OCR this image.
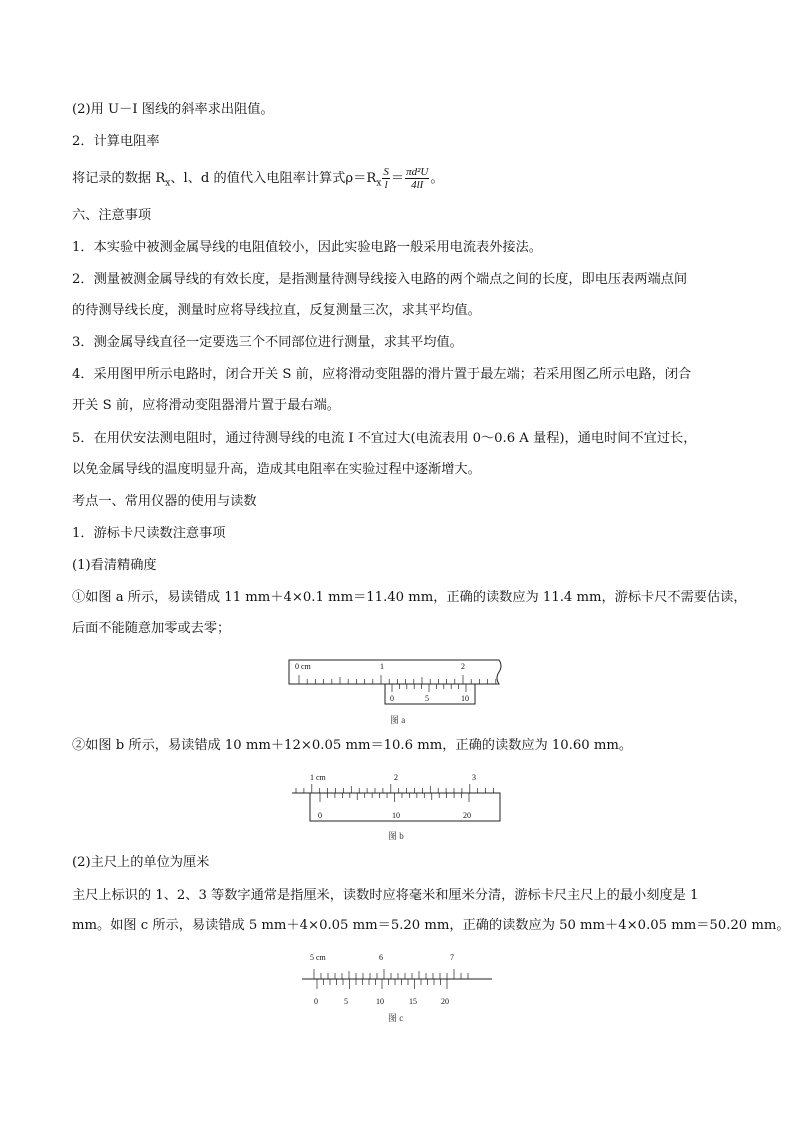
(2)用 U－I 图线的斜率求出阻值。
2．计算电阻率
将记录的数据 $R_x$、l、d 的值代入电阻率计算式$\rho=R_x \frac{S}{l} = \frac{\text{πd²U}}{4lI}$ 。
六、注意事项
1．本实验中被测金属导线的电阻值较小，因此实验电路一般采用电流表外接法。
2．测量被测金属导线的有效长度，是指测量待测导线接入电路的两个端点之间的长度，即电压表两端点间
的待测导线长度，测量时应将导线拉直，反复测量三次，求其平均值。
3．测金属导线直径一定要选三个不同部位进行测量，求其平均值。
4．采用图甲所示电路时，闭合开关 S 前，应将滑动变阻器的滑片置于最左端；若采用图乙所示电路，闭合
开关 S 前，应将滑动变阻器滑片置于最右端。
5．在用伏安法测电阻时，通过待测导线的电流 I 不宜过大(电流表用 0～0.6 A 量程)，通电时间不宜过长，
以免金属导线的温度明显升高，造成其电阻率在实验过程中逐渐增大。
考点一、常用仪器的使用与读数
1．游标卡尺读数注意事项
(1)看清精确度
①如图 a 所示，易读错成 11 mm＋4×0.1 mm＝11.40 mm，正确的读数应为 11.4 mm，游标卡尺不需要估读，
后面不能随意加零或去零；
0 cm	1	2
0	5	10
图 a
②如图 b 所示，易读错成 10 mm＋12×0.05 mm＝10.6 mm，正确的读数应为 10.60 mm。
1 cm	2	3
0	10	20
图 b
(2)主尺上的单位为厘米
主尺上标识的 1、2、3 等数字通常是指厘米，读数时应将毫米和厘米分清，游标卡尺主尺上的最小刻度是 1
mm。如图 c 所示，易读错成 5 mm＋4×0.05 mm＝5.20 mm，正确的读数应为 50 mm＋4×0.05 mm＝50.20 mm。
5 cm	6	7
0	5	10	15	20
图 c
